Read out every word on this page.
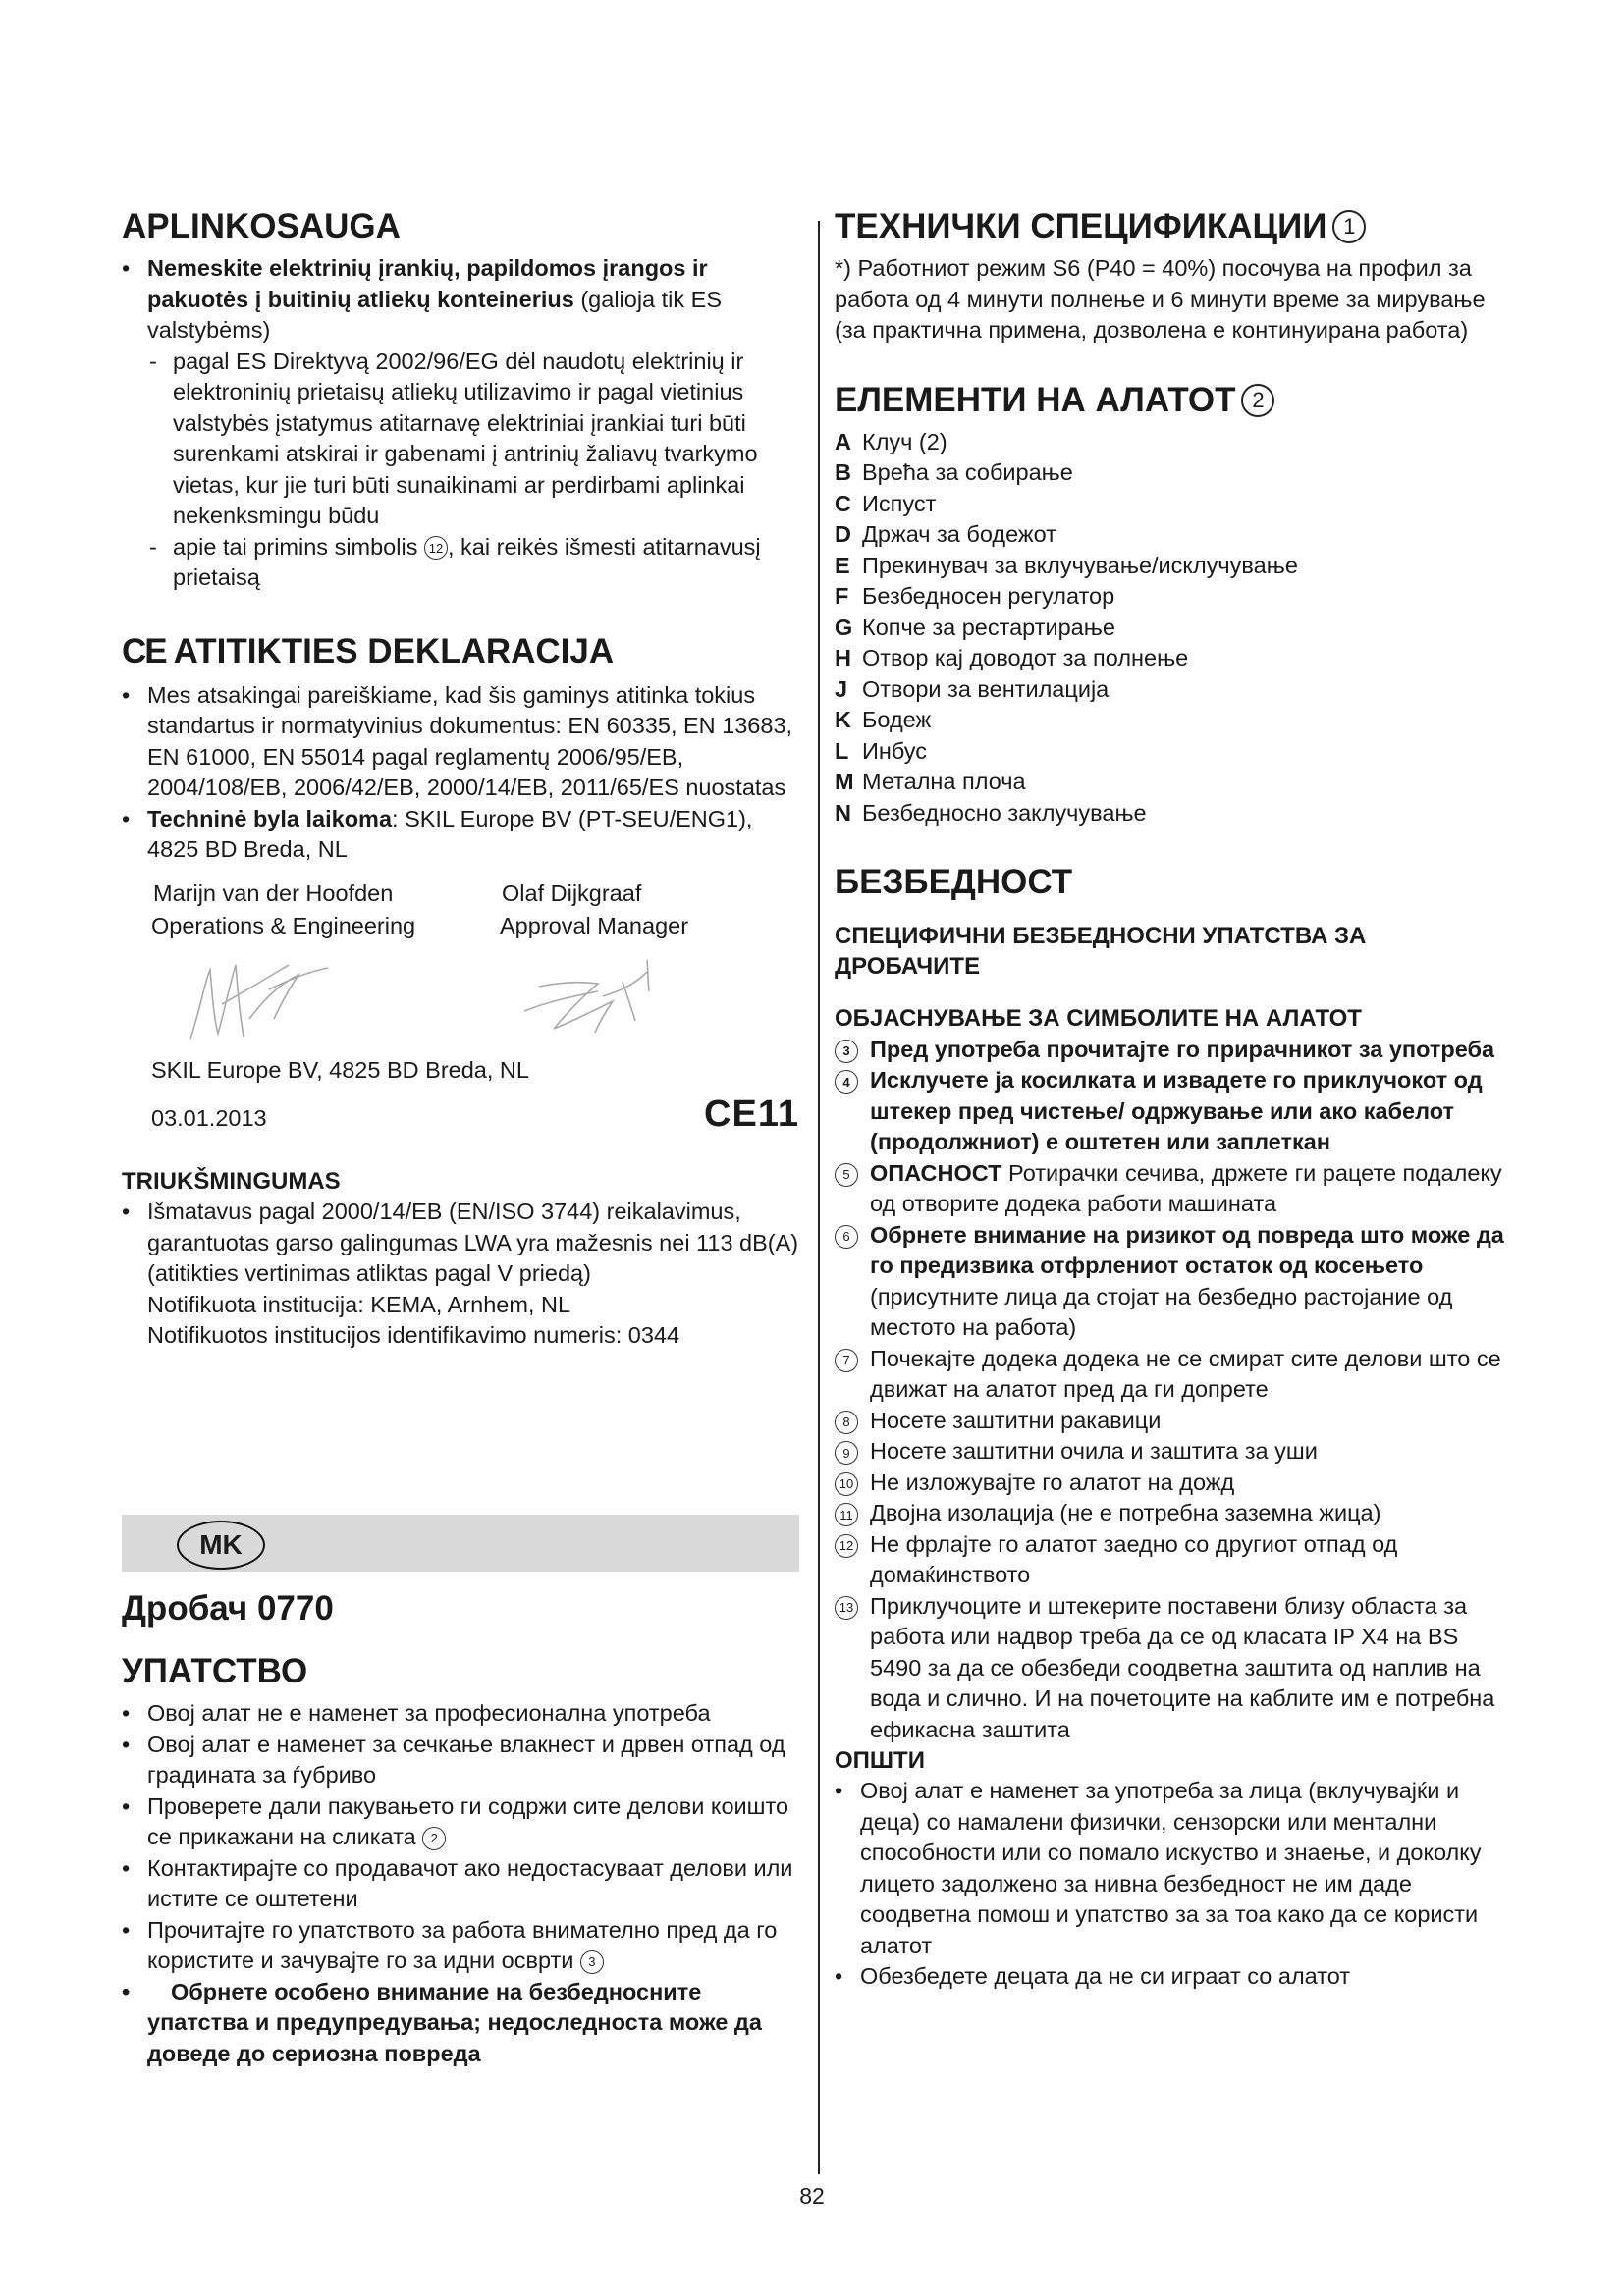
APLINKOSAUGA
• Nemeskite elektrinių įrankių, papildomos įrangos ir pakuotės į buitinių atliekų konteinerius (galioja tik ES valstybėms)
- pagal ES Direktyvą 2002/96/EG dėl naudotų elektrinių ir elektroninių prietaisų atliekų utilizavimo ir pagal vietinius valstybės įstatymus atitarnavę elektriniai įrankiai turi būti surenkami atskirai ir gabenami į antrinių žaliavų tvarkymo vietas, kur jie turi būti sunaikinami ar perdirbami aplinkai nekenksmingu būdu
- apie tai primins simbolis 12 , kai reikės išmesti atitarnavusį prietaisą
CE ATITIKTIES DEKLARACIJA
• Mes atsakingai pareiškiame, kad šis gaminys atitinka tokius standartus ir normatyvinius dokumentus: EN 60335, EN 13683, EN 61000, EN 55014 pagal reglamentų 2006/95/EB, 2004/108/EB, 2006/42/EB, 2000/14/EB, 2011/65/ES nuostatas
• Techninė byla laikoma: SKIL Europe BV (PT-SEU/ENG1), 4825 BD Breda, NL
Marijn van der Hoofden	Olaf Dijkgraaf
Operations & Engineering	Approval Manager
SKIL Europe BV, 4825 BD Breda, NL
03.01.2013	CE11
TRIUKŠMINGUMAS
• Išmatavus pagal 2000/14/EB (EN/ISO 3744) reikalavimus, garantuotas garso galingumas LWA yra mažesnis nei 113 dB(A) (atitikties vertinimas atliktas pagal V priedą)
Notifikuota institucija: KEMA, Arnhem, NL
Notifikuotos institucijos identifikavimo numeris: 0344
MK
Дробач 0770
УПАТСТВО
• Овој алат не е наменет за професионална употреба
• Овој алат е наменет за сечкање влакнест и дрвен отпад од градината за ѓубриво
• Проверете дали пакувањето ги содржи сите делови коишто се прикажани на сликата 2
• Контактирајте со продавачот ако недостасуваат делови или истите се оштетени
• Прочитајте го упатството за работа внимателно пред да го користите и зачувајте го за идни осврти 3
• Обрнете особено внимание на безбедносните упатства и предупредувања; недоследноста може да доведе до сериозна повреда
ТЕХНИЧКИ СПЕЦИФИКАЦИИ 1
*) Работниот режим S6 (P40 = 40%) посочува на профил за работа од 4 минути полнење и 6 минути време за мирување (за практична примена, дозволена е континуирана работа)
ЕЛЕМЕНТИ НА АЛАТОТ 2
A Клуч (2)
B Врећа за собирање
C Испуст
D Држач за бодежот
E Прекинувач за вклучување/исклучување
F Безбедносен регулатор
G Копче за рестартирање
H Отвор кај доводот за полнење
J Отвори за вентилација
K Бодеж
L Инбус
M Метална плоча
N Безбедносно заклучување
БЕЗБЕДНОСТ
СПЕЦИФИЧНИ БЕЗБЕДНОСНИ УПАТСТВА ЗА ДРОБАЧИТЕ
ОБЈАСНУВАЊЕ ЗА СИМБОЛИТЕ НА АЛАТОТ
3 Пред употреба прочитајте го прирачникот за употреба
4 Исклучете ја косилката и извадете го приклучокот од штекер пред чистење/ одржување или ако кабелот (продолжниот) е оштетен или заплеткан
5 ОПАСНОСТ Ротирачки сечива, држете ги рацете подалеку од отворите додека работи машината
6 Обрнете внимание на ризикот од повреда што може да го предизвика отфрлениот остаток од косењето (присутните лица да стојат на безбедно растојание од местото на работа)
7 Почекајте додека додека не се смират сите делови што се движат на алатот пред да ги допрете
8 Носете заштитни ракавици
9 Носете заштитни очила и заштита за уши
10 Не изложувајте го алатот на дожд
11 Двојна изолација (не е потребна заземна жица)
12 Не фрлајте го алатот заедно со другиот отпад од домаќинството
13 Приклучоците и штекерите поставени близу областа за работа или надвор треба да се од класата IP X4 на BS 5490 за да се обезбеди соодветна заштита од наплив на вода и слично. И на почетоците на каблите им е потребна ефикасна заштита
ОПШТИ
• Овој алат е наменет за употреба за лица (вклучувајќи и деца) со намалени физички, сензорски или ментални способности или со помало искуство и знаење, и доколку лицето задолжено за нивна безбедност не им даде соодветна помош и упатство за за тоа како да се користи алатот
• Обезбедете децата да не си играат со алатот
82
